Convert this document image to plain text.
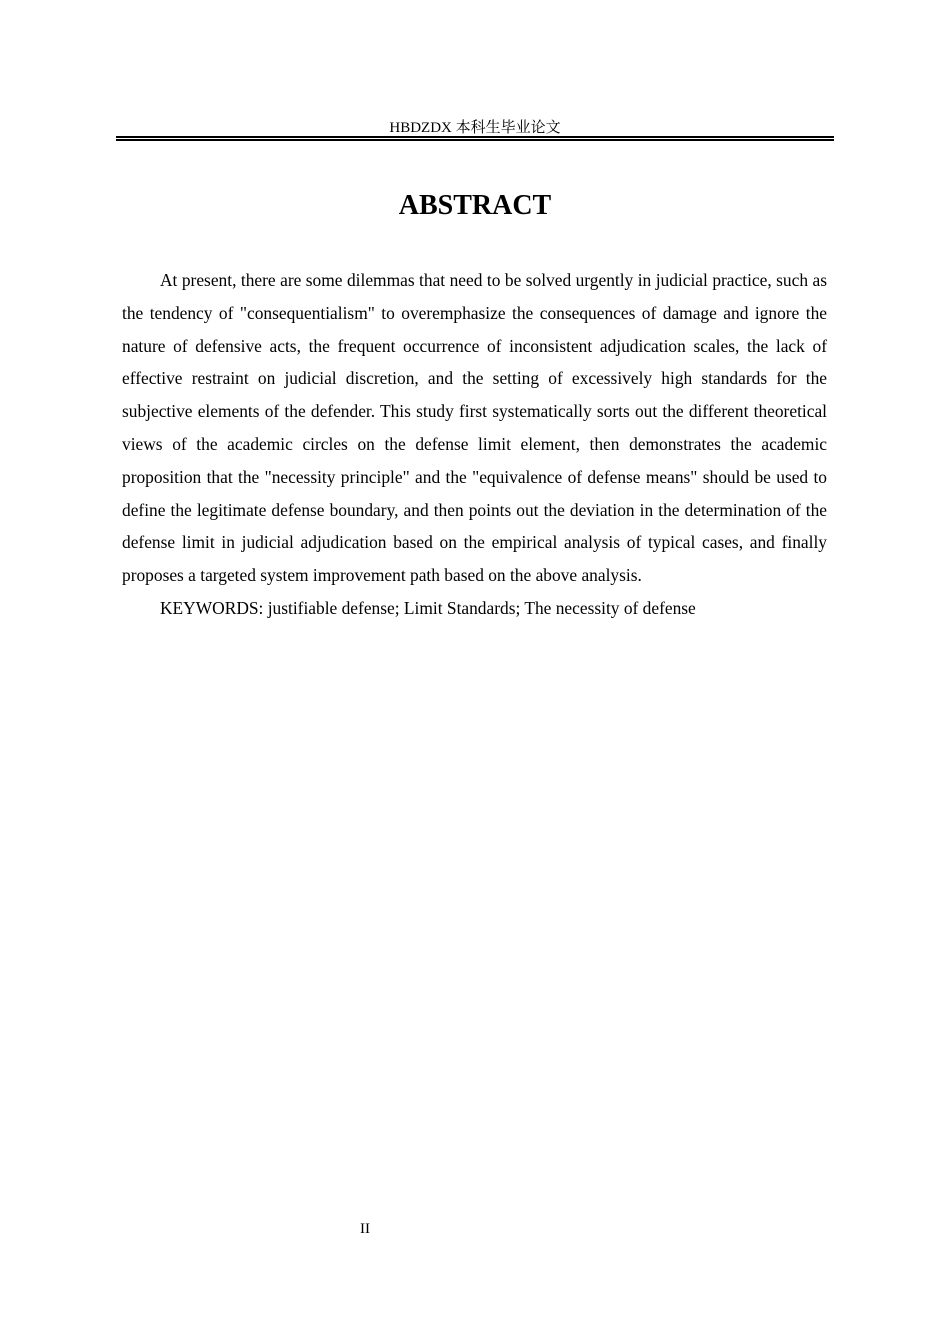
HBDZDX 本科生毕业论文
ABSTRACT

At present, there are some dilemmas that need to be solved urgently in judicial practice, such as the tendency of "consequentialism" to overemphasize the consequences of damage and ignore the nature of defensive acts, the frequent occurrence of inconsistent adjudication scales, the lack of effective restraint on judicial discretion, and the setting of excessively high standards for the subjective elements of the defender. This study first systematically sorts out the different theoretical views of the academic circles on the defense limit element, then demonstrates the academic proposition that the "necessity principle" and the "equivalence of defense means" should be used to define the legitimate defense boundary, and then points out the deviation in the determination of the defense limit in judicial adjudication based on the empirical analysis of typical cases, and finally proposes a targeted system improvement path based on the above analysis.

KEYWORDS: justifiable defense; Limit Standards; The necessity of defense

II
